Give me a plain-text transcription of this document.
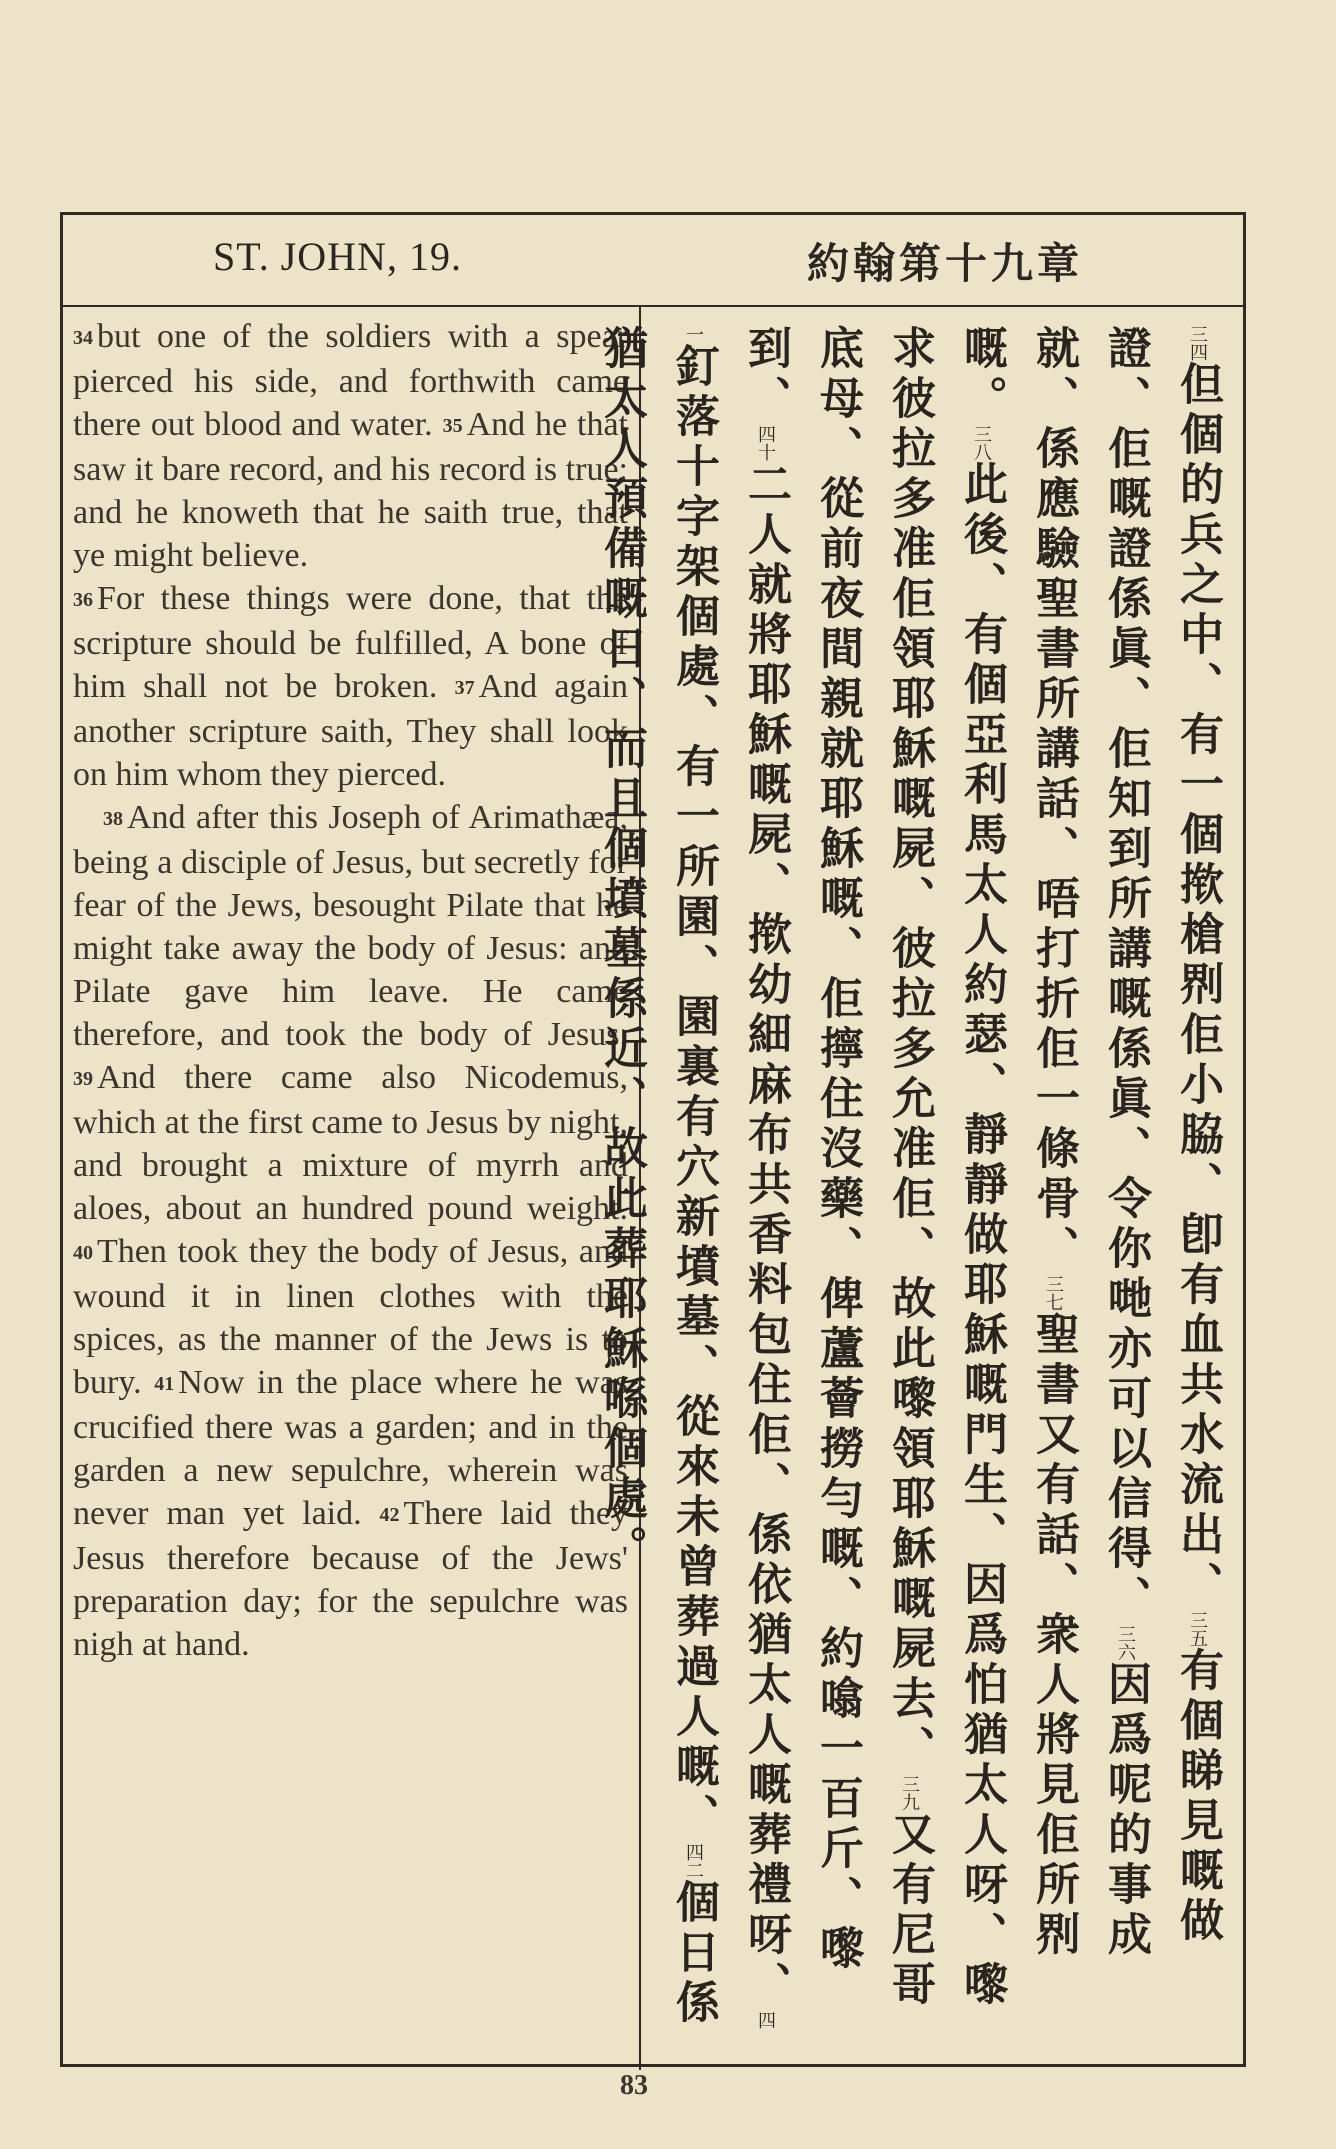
ST. JOHN, 19.	約翰第十九章

34 but one of the soldiers with a spear pierced his side, and forthwith came there out blood and water. 35 And he that saw it bare record, and his record is true: and he knoweth that he saith true, that ye might believe.

36 For these things were done, that the scripture should be fulfilled, A bone of him shall not be broken. 37 And again another scripture saith, They shall look on him whom they pierced.

38 And after this Joseph of Arimathæa, being a disciple of Jesus, but secretly for fear of the Jews, besought Pilate that he might take away the body of Jesus: and Pilate gave him leave. He came therefore, and took the body of Jesus. 39 And there came also Nicodemus, which at the first came to Jesus by night, and brought a mixture of myrrh and aloes, about an hundred pound weight. 40 Then took they the body of Jesus, and wound it in linen clothes with the spices, as the manner of the Jews is to bury. 41 Now in the place where he was crucified there was a garden; and in the garden a new sepulchre, wherein was never man yet laid. 42 There laid they Jesus therefore because of the Jews' preparation day; for the sepulchre was nigh at hand.

三四但個的兵之中、有一個揿槍𠝹佢小脇、卽有血共水流出、三五有個睇見嘅做證、佢嘅證係眞、佢知到所講嘅係眞、令你哋亦可以信得、三六因爲呢的事成就、係應驗聖書所講話、唔打折佢一條骨、三七聖書又有話、衆人將見佢所𠝹嘅。三八此後、有個亞利馬太人約瑟、靜靜做耶穌嘅門生、因爲怕猶太人呀、嚟求彼拉多准佢領耶穌嘅屍、彼拉多允准佢、故此嚟領耶穌嘅屍去、三九又有尼哥底母、從前夜間親就耶穌嘅、佢擰住沒藥、俾蘆薈撈勻嘅、約噏一百斤、嚟到、四十二人就將耶穌嘅屍、揿幼細麻布共香料包住佢、係依猶太人嘅葬禮呀、四一釘落十字架個處、有一所園、園裏有穴新墳墓、從來未曾葬過人嘅、四二個日係猶太人預備嘅日、而且個墳墓係近、故此葬耶穌喺個處。
83
